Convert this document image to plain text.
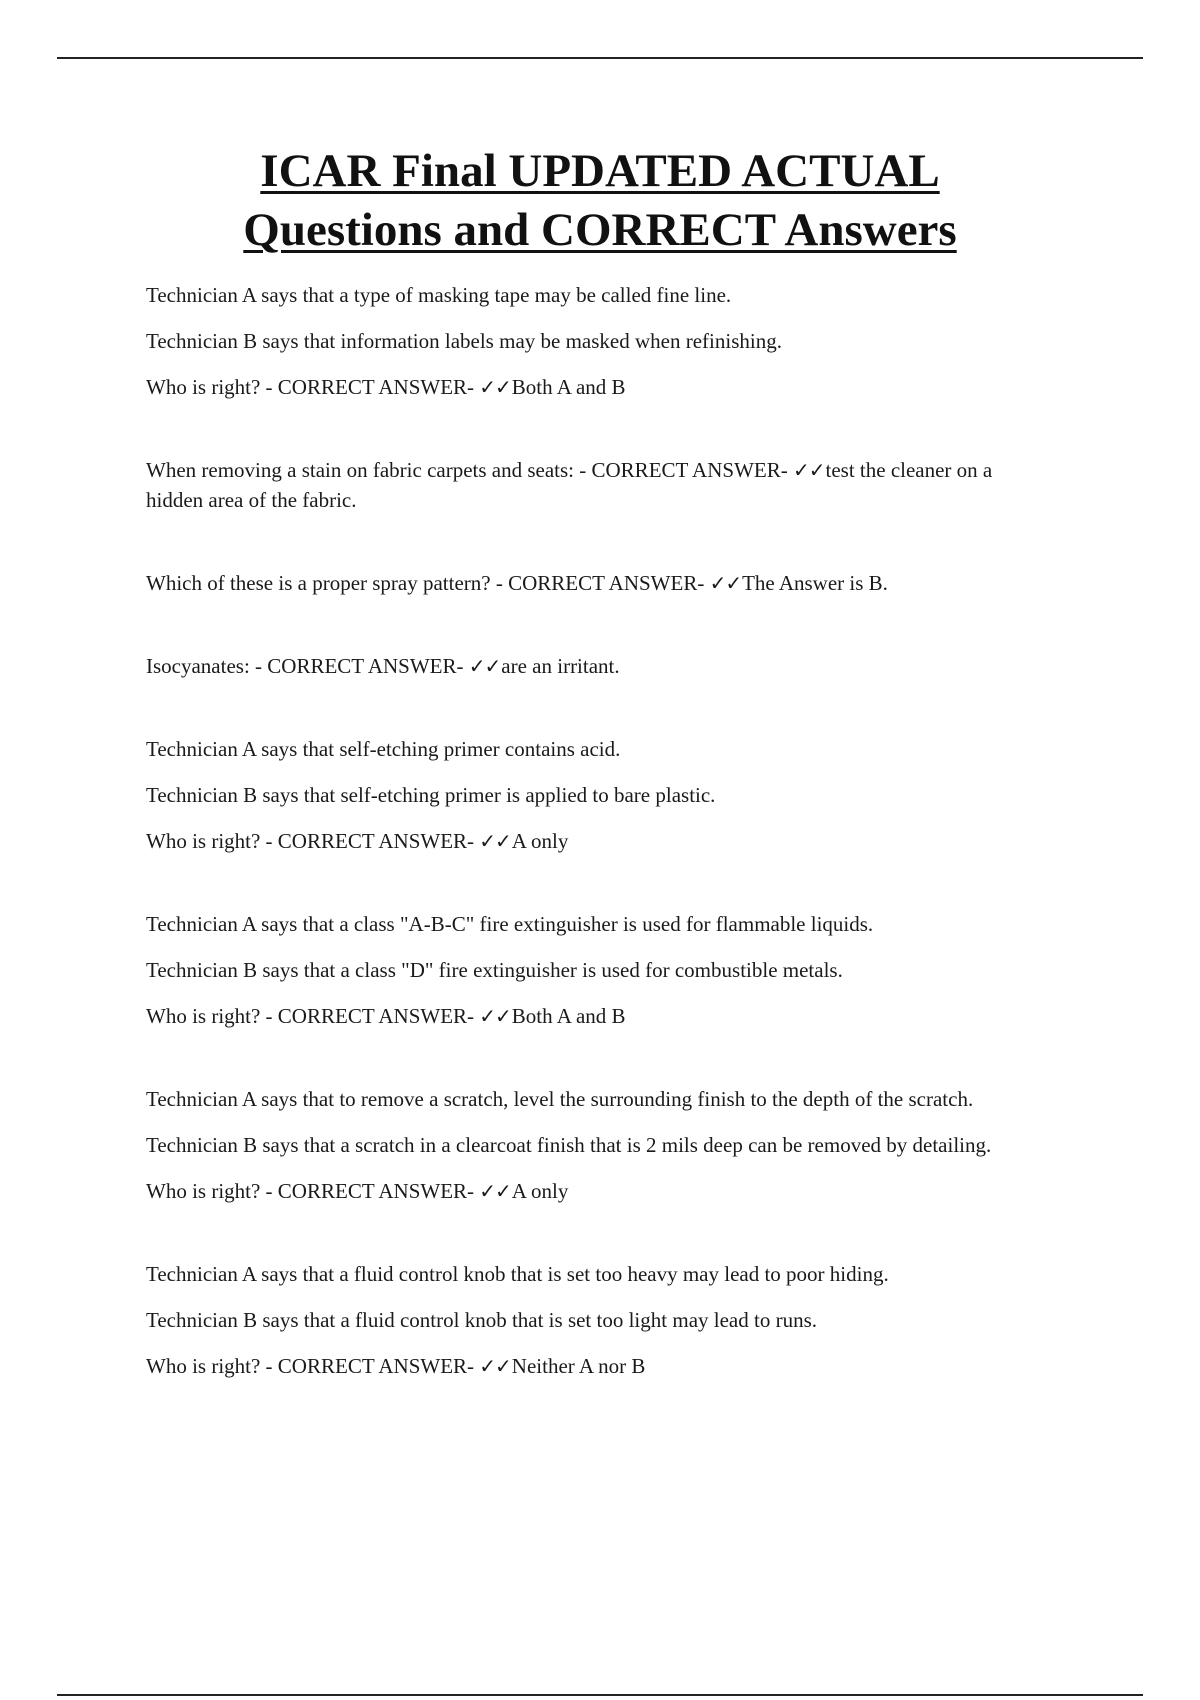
ICAR Final UPDATED ACTUAL
Questions and CORRECT Answers

Technician A says that a type of masking tape may be called fine line.

Technician B says that information labels may be masked when refinishing.

Who is right? - CORRECT ANSWER- ✓✓Both A and B

When removing a stain on fabric carpets and seats: - CORRECT ANSWER- ✓✓test the cleaner on a hidden area of the fabric.

Which of these is a proper spray pattern? - CORRECT ANSWER- ✓✓The Answer is B.

Isocyanates: - CORRECT ANSWER- ✓✓are an irritant.

Technician A says that self-etching primer contains acid.

Technician B says that self-etching primer is applied to bare plastic.

Who is right? - CORRECT ANSWER- ✓✓A only

Technician A says that a class "A-B-C" fire extinguisher is used for flammable liquids.

Technician B says that a class "D" fire extinguisher is used for combustible metals.

Who is right? - CORRECT ANSWER- ✓✓Both A and B

Technician A says that to remove a scratch, level the surrounding finish to the depth of the scratch.

Technician B says that a scratch in a clearcoat finish that is 2 mils deep can be removed by detailing.

Who is right? - CORRECT ANSWER- ✓✓A only

Technician A says that a fluid control knob that is set too heavy may lead to poor hiding.

Technician B says that a fluid control knob that is set too light may lead to runs.

Who is right? - CORRECT ANSWER- ✓✓Neither A nor B
